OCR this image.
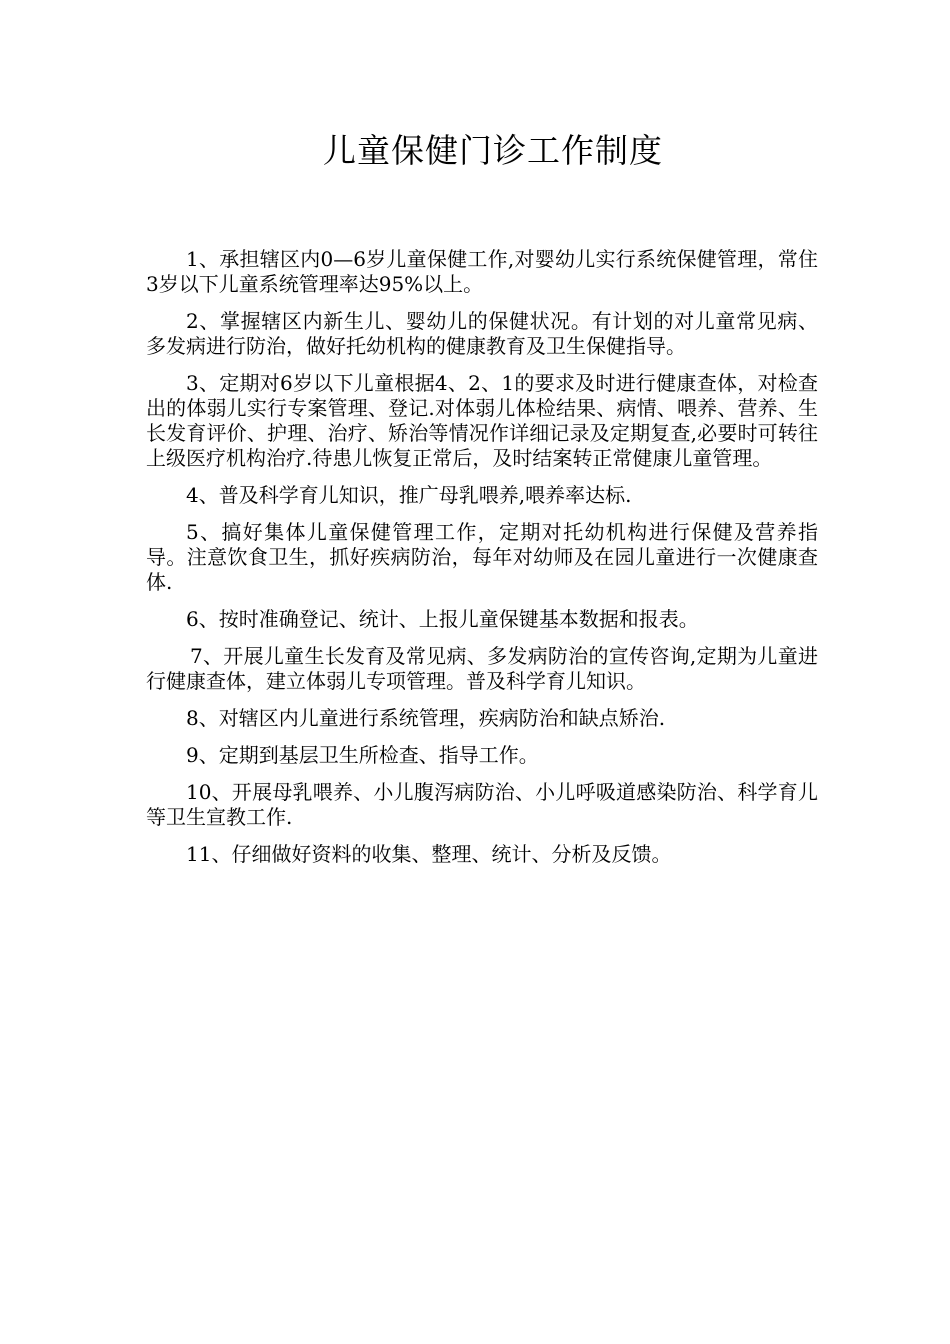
儿童保健门诊工作制度

1、承担辖区内0—6岁儿童保健工作,对婴幼儿实行系统保健管理，常住3岁以下儿童系统管理率达95%以上。

2、掌握辖区内新生儿、婴幼儿的保健状况。有计划的对儿童常见病、多发病进行防治，做好托幼机构的健康教育及卫生保健指导。

3、定期对6岁以下儿童根据4、2、1的要求及时进行健康查体，对检查出的体弱儿实行专案管理、登记.对体弱儿体检结果、病情、喂养、营养、生长发育评价、护理、治疗、矫治等情况作详细记录及定期复查,必要时可转往上级医疗机构治疗.待患儿恢复正常后，及时结案转正常健康儿童管理。

4、普及科学育儿知识，推广母乳喂养,喂养率达标.

5、搞好集体儿童保健管理工作，定期对托幼机构进行保健及营养指导。注意饮食卫生，抓好疾病防治，每年对幼师及在园儿童进行一次健康查体.

6、按时准确登记、统计、上报儿童保键基本数据和报表。

7、开展儿童生长发育及常见病、多发病防治的宣传咨询,定期为儿童进行健康查体，建立体弱儿专项管理。普及科学育儿知识。

8、对辖区内儿童进行系统管理，疾病防治和缺点矫治.

9、定期到基层卫生所检查、指导工作。

10、开展母乳喂养、小儿腹泻病防治、小儿呼吸道感染防治、科学育儿等卫生宣教工作.

11、仔细做好资料的收集、整理、统计、分析及反馈。
